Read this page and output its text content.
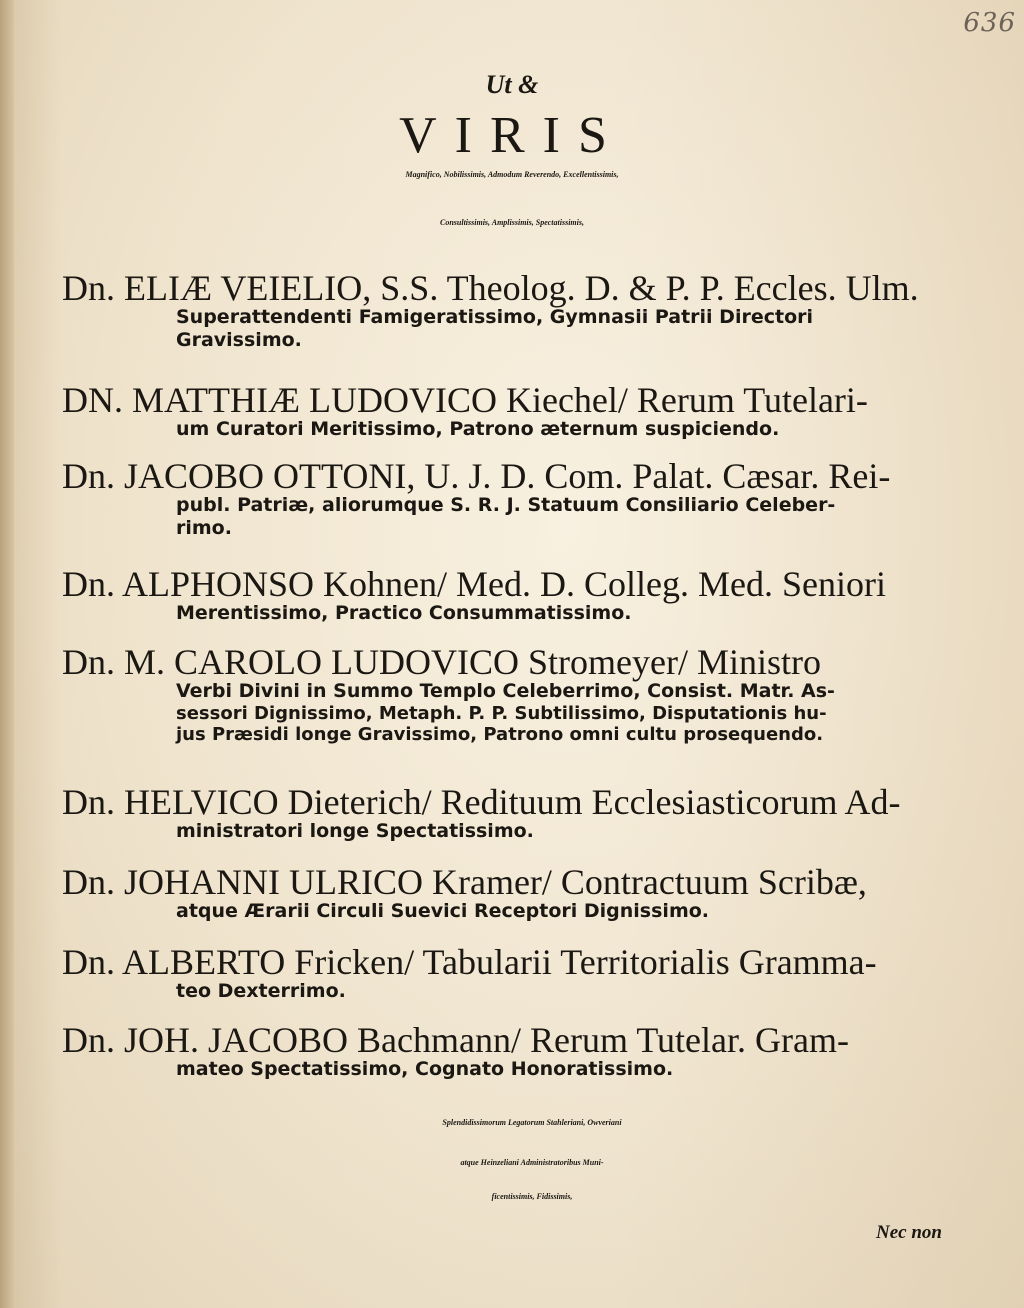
636
Ut &
VIRIS
Magnifico, Nobilissimis, Admodum Reverendo, Excellentissimis,
Consultissimis, Amplissimis, Spectatissimis,
Dn. ELIÆ VEIELIO, S.S. Theolog. D. & P. P. Eccles. Ulm.
Superattendenti Famigeratissimo, Gymnasii Patrii Directori
Gravissimo.
DN. MATTHIÆ LUDOVICO Kiechel/ Rerum Tutelari-
um Curatori Meritissimo, Patrono æternum suspiciendo.
Dn. JACOBO OTTONI, U. J. D. Com. Palat. Cæsar. Rei-
publ. Patriæ, aliorumque S. R. J. Statuum Consiliario Celeber-
rimo.
Dn. ALPHONSO Kohnen/ Med. D. Colleg. Med. Seniori
Merentissimo, Practico Consummatissimo.
Dn. M. CAROLO LUDOVICO Stromeyer/ Ministro
Verbi Divini in Summo Templo Celeberrimo, Consist. Matr. As-
sessori Dignissimo, Metaph. P. P. Subtilissimo, Disputationis hu-
jus Præsidi longe Gravissimo, Patrono omni cultu prosequendo.
Dn. HELVICO Dieterich/ Redituum Ecclesiasticorum Ad-
ministratori longe Spectatissimo.
Dn. JOHANNI ULRICO Kramer/ Contractuum Scribæ,
atque Ærarii Circuli Suevici Receptori Dignissimo.
Dn. ALBERTO Fricken/ Tabularii Territorialis Gramma-
teo Dexterrimo.
Dn. JOH. JACOBO Bachmann/ Rerum Tutelar. Gram-
mateo Spectatissimo, Cognato Honoratissimo.
Splendidissimorum Legatorum Stahleriani, Owveriani
atque Heinzeliani Administratoribus Muni-
ficentissimis, Fidissimis,
Nec non
